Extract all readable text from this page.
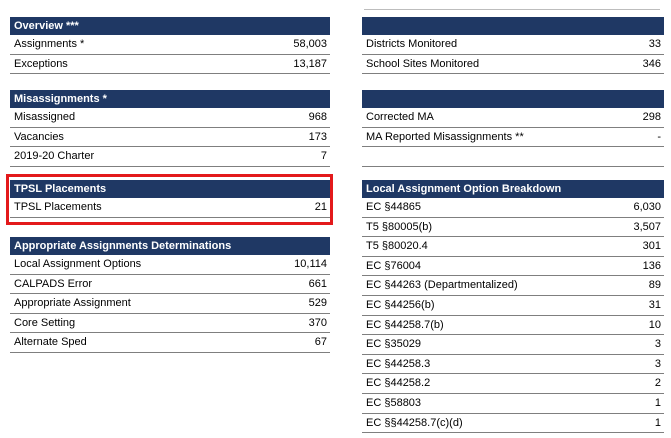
Overview ***
Assignments *	58,003
Exceptions	13,187
Districts Monitored	33
School Sites Monitored	346
Misassignments *
Misassigned	968
Vacancies	173
2019-20 Charter	7
Corrected MA	298
MA Reported Misassignments **	-
TPSL Placements
TPSL Placements	21
Appropriate Assignments Determinations
Local Assignment Options	10,114
CALPADS Error	661
Appropriate Assignment	529
Core Setting	370
Alternate Sped	67
Local Assignment Option Breakdown
EC §44865	6,030
T5 §80005(b)	3,507
T5 §80020.4	301
EC §76004	136
EC §44263 (Departmentalized)	89
EC §44256(b)	31
EC §44258.7(b)	10
EC §35029	3
EC §44258.3	3
EC §44258.2	2
EC §58803	1
EC §§44258.7(c)(d)	1
